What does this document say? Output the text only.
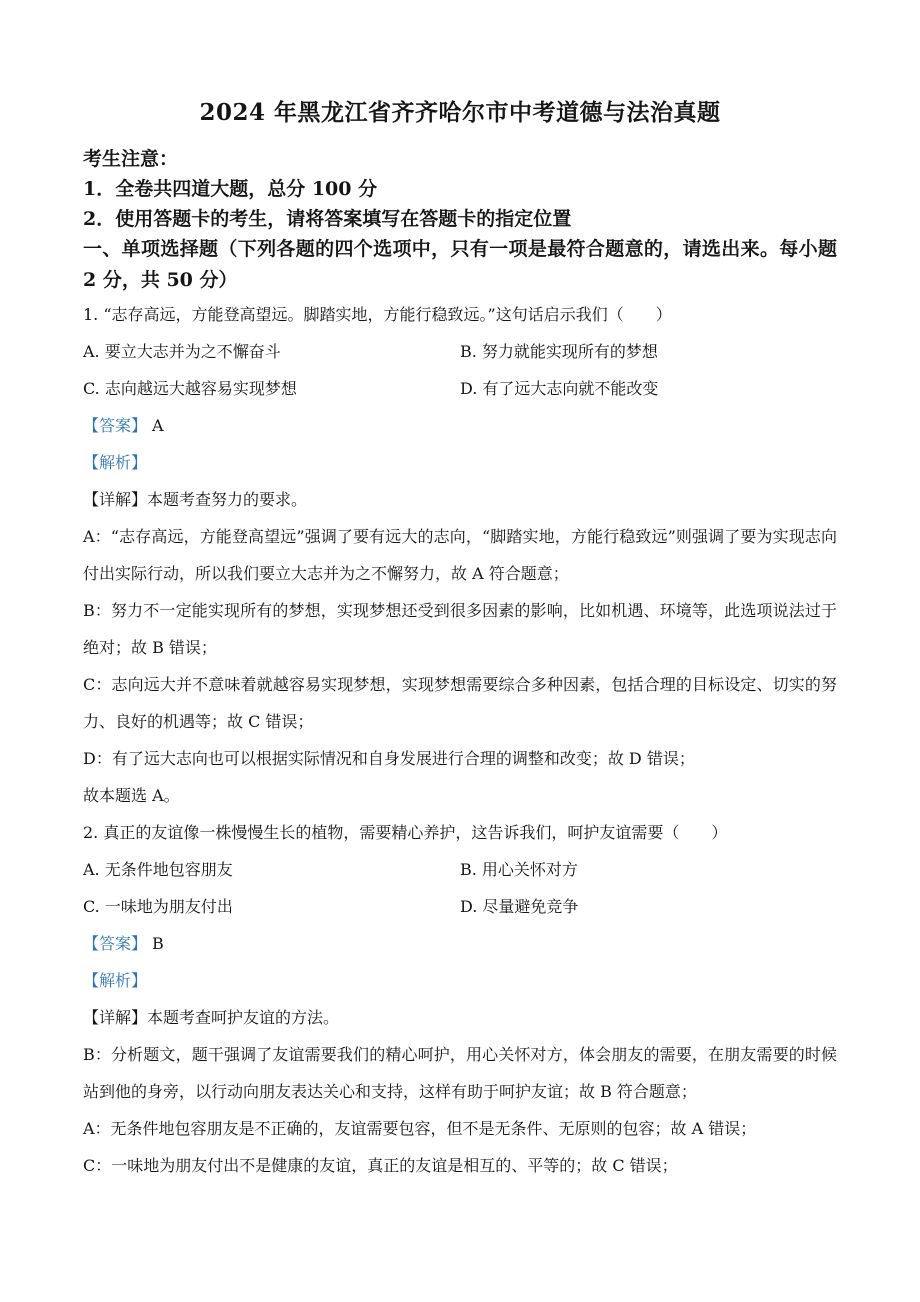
2024 年黑龙江省齐齐哈尔市中考道德与法治真题

考生注意：

1．全卷共四道大题，总分 100 分

2．使用答题卡的考生，请将答案填写在答题卡的指定位置

一、单项选择题（下列各题的四个选项中，只有一项是最符合题意的，请选出来。每小题 2 分，共 50 分）

1. “志存高远，方能登高望远。脚踏实地，方能行稳致远。”这句话启示我们（　　）

A. 要立大志并为之不懈奋斗	B. 努力就能实现所有的梦想

C. 志向越远大越容易实现梦想	D. 有了远大志向就不能改变

【答案】 A

【解析】

【详解】本题考查努力的要求。

A：“志存高远，方能登高望远”强调了要有远大的志向，“脚踏实地，方能行稳致远”则强调了要为实现志向付出实际行动，所以我们要立大志并为之不懈努力，故 A 符合题意；

B：努力不一定能实现所有的梦想，实现梦想还受到很多因素的影响，比如机遇、环境等，此选项说法过于绝对；故 B 错误；

C：志向远大并不意味着就越容易实现梦想，实现梦想需要综合多种因素，包括合理的目标设定、切实的努力、良好的机遇等；故 C 错误；

D：有了远大志向也可以根据实际情况和自身发展进行合理的调整和改变；故 D 错误；

故本题选 A。

2. 真正的友谊像一株慢慢生长的植物，需要精心养护，这告诉我们，呵护友谊需要（　　）

A. 无条件地包容朋友	B. 用心关怀对方

C. 一味地为朋友付出	D. 尽量避免竞争

【答案】 B

【解析】

【详解】本题考查呵护友谊的方法。

B：分析题文，题干强调了友谊需要我们的精心呵护，用心关怀对方，体会朋友的需要，在朋友需要的时候站到他的身旁，以行动向朋友表达关心和支持，这样有助于呵护友谊；故 B 符合题意；

A：无条件地包容朋友是不正确的，友谊需要包容，但不是无条件、无原则的包容；故 A 错误；

C：一味地为朋友付出不是健康的友谊，真正的友谊是相互的、平等的；故 C 错误；
